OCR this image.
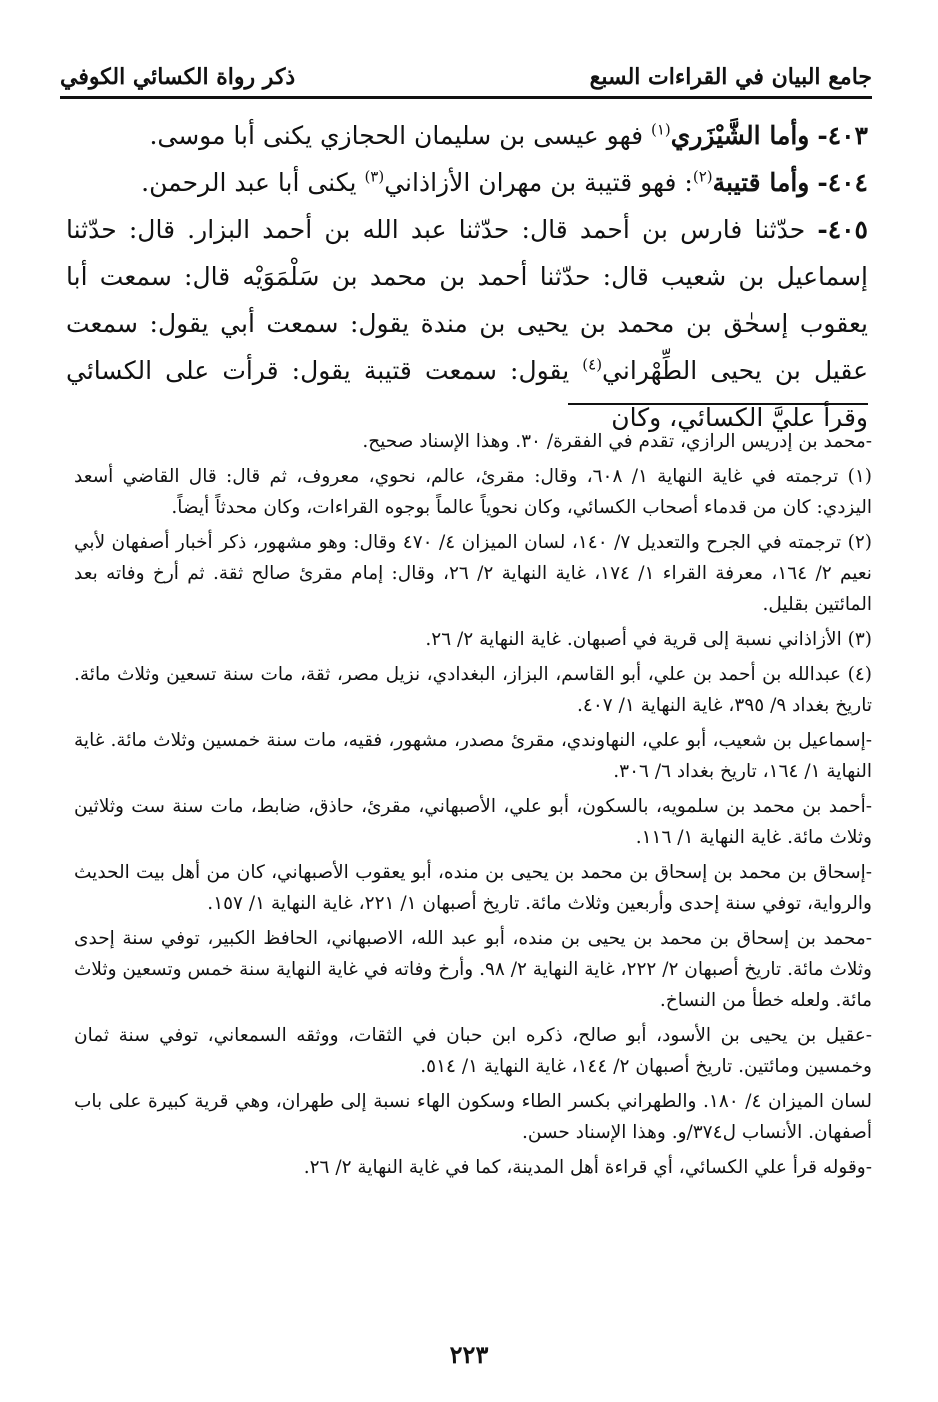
جامع البيان في القراءات السبع
ذكر رواة الكسائي الكوفي

٤٠٣- وأما الشَّيْزَري$^{(١)}$ فهو عيسى بن سليمان الحجازي يكنى أبا موسى.

٤٠٤- وأما قتيبة$^{(٢)}$: فهو قتيبة بن مهران الأزاذاني$^{(٣)}$ يكنى أبا عبد الرحمن.

٤٠٥- حدّثنا فارس بن أحمد قال: حدّثنا عبد الله بن أحمد البزار. قال: حدّثنا إسماعيل بن شعيب قال: حدّثنا أحمد بن محمد بن سَلْمَوَيْه قال: سمعت أبا يعقوب إسحٰق بن محمد بن يحيى بن مندة يقول: سمعت أبي يقول: سمعت عقيل بن يحيى الطِّهْراني$^{(٤)}$ يقول: سمعت قتيبة يقول: قرأت على الكسائي وقرأ عليَّ الكسائي، وكان

-محمد بن إدريس الرازي، تقدم في الفقرة/ ٣٠. وهذا الإسناد صحيح.

(١) ترجمته في غاية النهاية ١/ ٦٠٨، وقال: مقرئ، عالم، نحوي، معروف، ثم قال: قال القاضي أسعد اليزدي: كان من قدماء أصحاب الكسائي، وكان نحوياً عالماً بوجوه القراءات، وكان محدثاً أيضاً.

(٢) ترجمته في الجرح والتعديل ٧/ ١٤٠، لسان الميزان ٤/ ٤٧٠ وقال: وهو مشهور، ذكر أخبار أصفهان لأبي نعيم ٢/ ١٦٤، معرفة القراء ١/ ١٧٤، غاية النهاية ٢/ ٢٦، وقال: إمام مقرئ صالح ثقة. ثم أرخ وفاته بعد المائتين بقليل.

(٣) الأزاذاني نسبة إلى قرية في أصبهان. غاية النهاية ٢/ ٢٦.

(٤) عبدالله بن أحمد بن علي، أبو القاسم، البزاز، البغدادي، نزيل مصر، ثقة، مات سنة تسعين وثلاث مائة. تاريخ بغداد ٩/ ٣٩٥، غاية النهاية ١/ ٤٠٧.

-إسماعيل بن شعيب، أبو علي، النهاوندي، مقرئ مصدر، مشهور، فقيه، مات سنة خمسين وثلاث مائة. غاية النهاية ١/ ١٦٤، تاريخ بغداد ٦/ ٣٠٦.

-أحمد بن محمد بن سلمويه، بالسكون، أبو علي، الأصبهاني، مقرئ، حاذق، ضابط، مات سنة ست وثلاثين وثلاث مائة. غاية النهاية ١/ ١١٦.

-إسحاق بن محمد بن إسحاق بن محمد بن يحيى بن منده، أبو يعقوب الأصبهاني، كان من أهل بيت الحديث والرواية، توفي سنة إحدى وأربعين وثلاث مائة. تاريخ أصبهان ١/ ٢٢١، غاية النهاية ١/ ١٥٧.

-محمد بن إسحاق بن محمد بن يحيى بن منده، أبو عبد الله، الاصبهاني، الحافظ الكبير، توفي سنة إحدى وثلاث مائة. تاريخ أصبهان ٢/ ٢٢٢، غاية النهاية ٢/ ٩٨. وأرخ وفاته في غاية النهاية سنة خمس وتسعين وثلاث مائة. ولعله خطأ من النساخ.

-عقيل بن يحيى بن الأسود، أبو صالح، ذكره ابن حبان في الثقات، ووثقه السمعاني، توفي سنة ثمان وخمسين ومائتين. تاريخ أصبهان ٢/ ١٤٤، غاية النهاية ١/ ٥١٤.

لسان الميزان ٤/ ١٨٠. والطهراني بكسر الطاء وسكون الهاء نسبة إلى طهران، وهي قرية كبيرة على باب أصفهان. الأنساب ل٣٧٤/و. وهذا الإسناد حسن.

-وقوله قرأ علي الكسائي، أي قراءة أهل المدينة، كما في غاية النهاية ٢/ ٢٦.

٢٢٣
